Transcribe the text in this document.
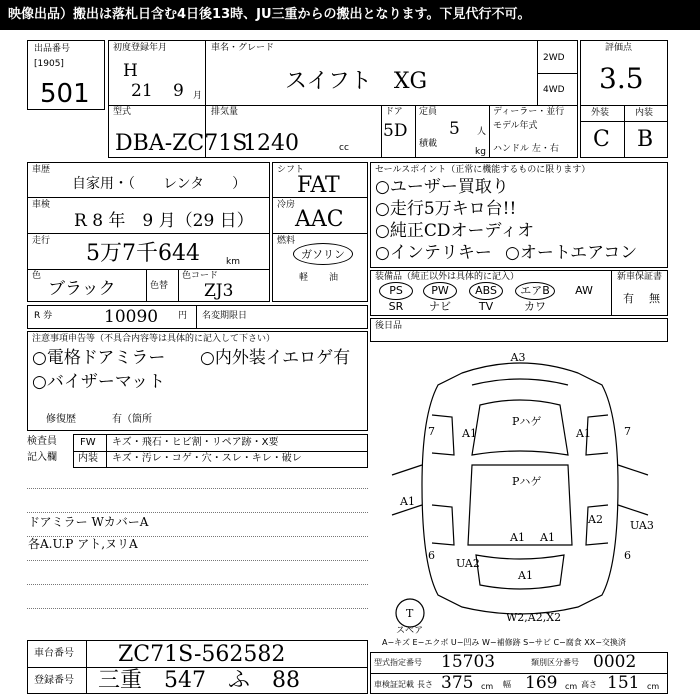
映像出品）搬出は落札日含む4日後13時、JU三重からの搬出となります。下見代行不可。
出品番号
[1905]
501
初度登録年月
H
21 9 月
車名・グレード
スイフト　XG
2WD
4WD
型式
DBA-ZC71S
排気量
1240	cc
ドア
5D
定員
5 人
積載
kg
ディーラー・並行
モデル年式
ハンドル 左・右
評価点
3.5
外装	内装
C B
車歴
自家用・（　　レンタ　　）
車検
R 8 年　9 月（29 日）
走行 5万7千644	km
色
ブラック	色替
色コード
ZJ3
シフト
FAT
冷房
AAC
燃料
ガソリン
軽 油
セールスポイント（正常に機能するものに限ります）
○ユーザー買取り
○走行5万キロ台!!
○純正CDオーディオ
○インテリキー ○オートエアコン
装備品（純正以外は具体的に記入）	新車保証書
PS	PW	ABS	エアB	AW
SR	ナビ	TV	カワ
有 無
R 券	10090 円 名変期限日
後日品
注意事項申告等（不具合内容等は具体的に記入して下さい）
○電格ドアミラー ○内外装イエロゲ有
○バイザーマット
修復歴	有（箇所
検査員
記入欄
FW
内装
キズ・飛石・ヒビ割・リペア跡・X要
キズ・汚レ・コゲ・穴・スレ・キレ・破レ
ドアミラー WカバーA
各A.U.P アト,ヌリA
A3
Pハゲ
A1	A1
7	7
Pハゲ
A1
A2 UA3
6	6
UA2
A1 A1
A1
W2,A2,X2
T
スペア
A−キズ E−エクボ U−凹み W−補修跡 S−サビ C−腐食 XX−交換済
車台番号 ZC71S-562582
登録番号 三重　547　ふ　88
型式指定番号 15703	類別区分番号 0002
車検証記載 長さ 375 cm 幅 169 cm 高さ 151 cm
